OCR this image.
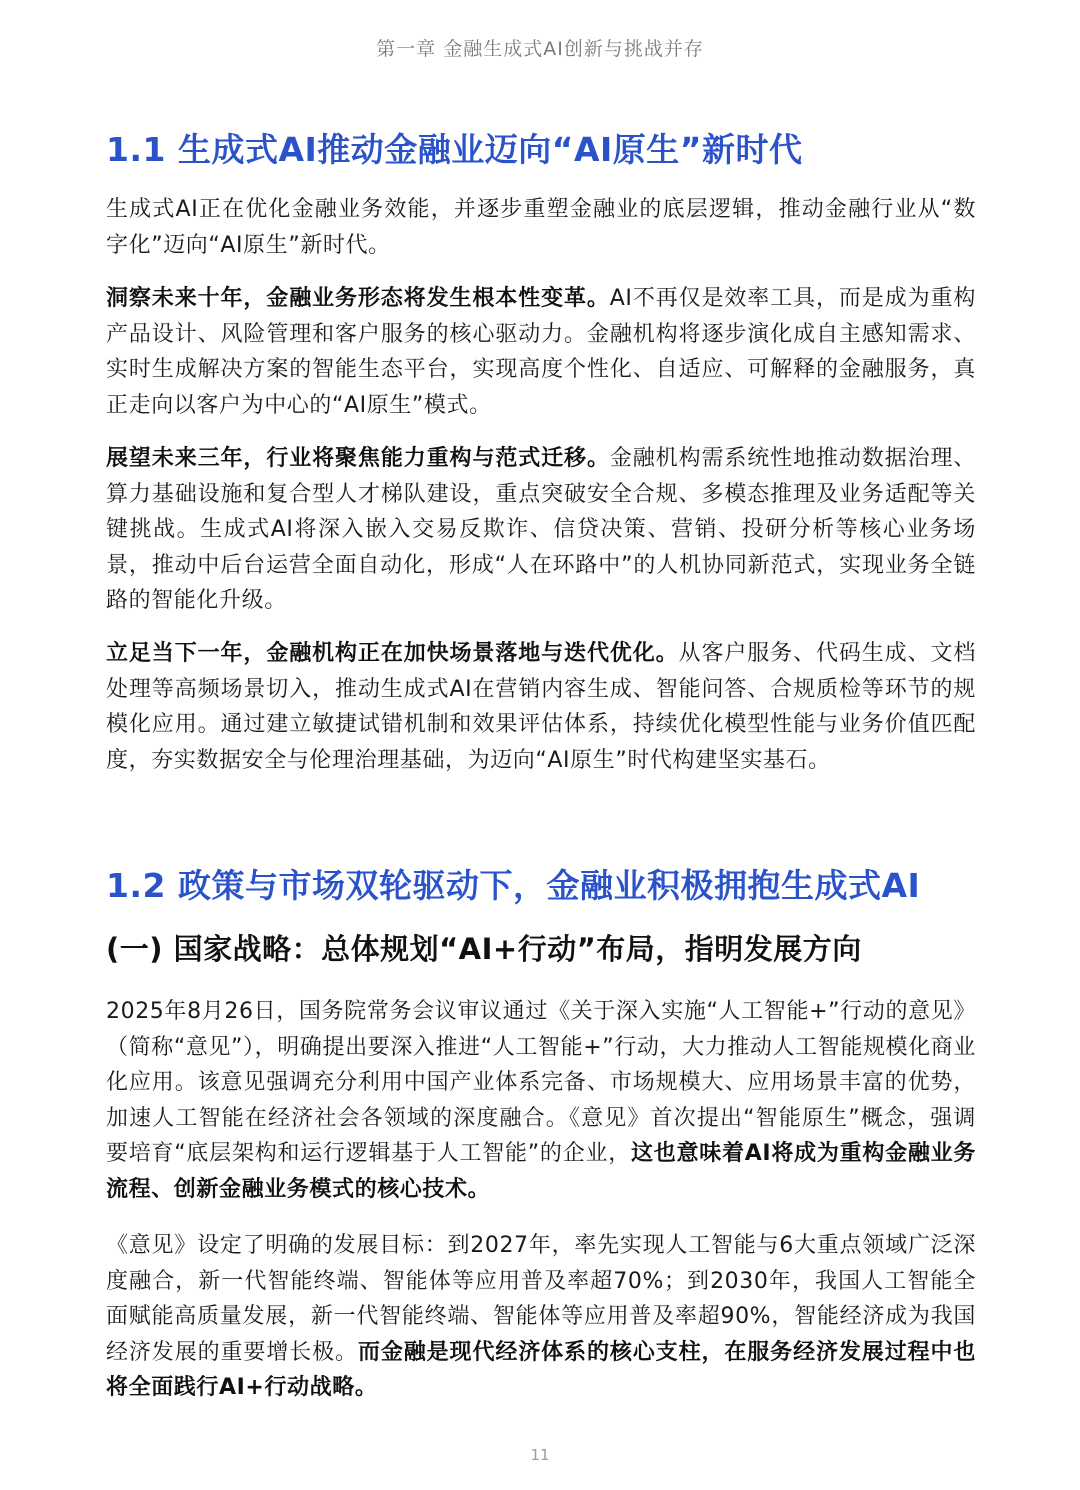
第一章 金融生成式AI创新与挑战并存
1.1 生成式AI推动金融业迈向“AI原生”新时代

生成式AI正在优化金融业务效能，并逐步重塑金融业的底层逻辑，推动金融行业从“数字化”迈向“AI原生”新时代。

洞察未来十年，金融业务形态将发生根本性变革。AI不再仅是效率工具，而是成为重构产品设计、风险管理和客户服务的核心驱动力。金融机构将逐步演化成自主感知需求、实时生成解决方案的智能生态平台，实现高度个性化、自适应、可解释的金融服务，真正走向以客户为中心的“AI原生”模式。

展望未来三年，行业将聚焦能力重构与范式迁移。金融机构需系统性地推动数据治理、算力基础设施和复合型人才梯队建设，重点突破安全合规、多模态推理及业务适配等关键挑战。生成式AI将深入嵌入交易反欺诈、信贷决策、营销、投研分析等核心业务场景，推动中后台运营全面自动化，形成“人在环路中”的人机协同新范式，实现业务全链路的智能化升级。

立足当下一年，金融机构正在加快场景落地与迭代优化。从客户服务、代码生成、文档处理等高频场景切入，推动生成式AI在营销内容生成、智能问答、合规质检等环节的规模化应用。通过建立敏捷试错机制和效果评估体系，持续优化模型性能与业务价值匹配度，夯实数据安全与伦理治理基础，为迈向“AI原生”时代构建坚实基石。

1.2 政策与市场双轮驱动下，金融业积极拥抱生成式AI
(一) 国家战略：总体规划“AI+行动”布局，指明发展方向

2025年8月26日，国务院常务会议审议通过《关于深入实施“人工智能+”行动的意见》（简称“意见”），明确提出要深入推进“人工智能+”行动，大力推动人工智能规模化商业化应用。该意见强调充分利用中国产业体系完备、市场规模大、应用场景丰富的优势，加速人工智能在经济社会各领域的深度融合。《意见》首次提出“智能原生”概念，强调要培育“底层架构和运行逻辑基于人工智能”的企业，这也意味着AI将成为重构金融业务流程、创新金融业务模式的核心技术。

《意见》设定了明确的发展目标：到2027年，率先实现人工智能与6大重点领域广泛深度融合，新一代智能终端、智能体等应用普及率超70%；到2030年，我国人工智能全面赋能高质量发展，新一代智能终端、智能体等应用普及率超90%，智能经济成为我国经济发展的重要增长极。而金融是现代经济体系的核心支柱，在服务经济发展过程中也将全面践行AI+行动战略。

11
